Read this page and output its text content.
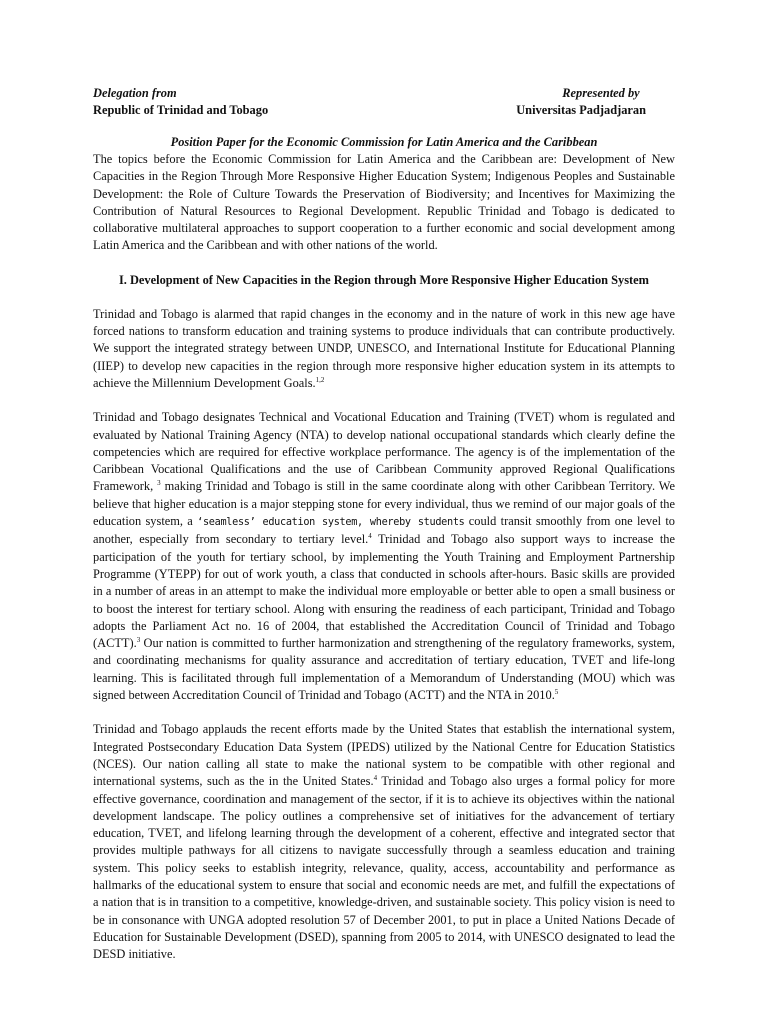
Delegation from
Republic of Trinidad and Tobago
Represented by
Universitas Padjadjaran
Position Paper for the Economic Commission for Latin America and the Caribbean

The topics before the Economic Commission for Latin America and the Caribbean are: Development of New Capacities in the Region Through More Responsive Higher Education System; Indigenous Peoples and Sustainable Development: the Role of Culture Towards the Preservation of Biodiversity; and Incentives for Maximizing the Contribution of Natural Resources to Regional Development. Republic Trinidad and Tobago is dedicated to collaborative multilateral approaches to support cooperation to a further economic and social development among Latin America and the Caribbean and with other nations of the world.

I. Development of New Capacities in the Region through More Responsive Higher Education System

Trinidad and Tobago is alarmed that rapid changes in the economy and in the nature of work in this new age have forced nations to transform education and training systems to produce individuals that can contribute productively. We support the integrated strategy between UNDP, UNESCO, and International Institute for Educational Planning (IIEP) to develop new capacities in the region through more responsive higher education system in its attempts to achieve the Millennium Development Goals.$^{1,2}$

Trinidad and Tobago designates Technical and Vocational Education and Training (TVET) whom is regulated and evaluated by National Training Agency (NTA) to develop national occupational standards which clearly define the competencies which are required for effective workplace performance. The agency is of the implementation of the Caribbean Vocational Qualifications and the use of Caribbean Community approved Regional Qualifications Framework, $^3$ making Trinidad and Tobago is still in the same coordinate along with other Caribbean Territory. We believe that higher education is a major stepping stone for every individual, thus we remind of our major goals of the education system, a ‘seamless’ education system, whereby students could transit smoothly from one level to another, especially from secondary to tertiary level.$^4$ Trinidad and Tobago also support ways to increase the participation of the youth for tertiary school, by implementing the Youth Training and Employment Partnership Programme (YTEPP) for out of work youth, a class that conducted in schools after-hours. Basic skills are provided in a number of areas in an attempt to make the individual more employable or better able to open a small business or to boost the interest for tertiary school. Along with ensuring the readiness of each participant, Trinidad and Tobago adopts the Parliament Act no. 16 of 2004, that established the Accreditation Council of Trinidad and Tobago (ACTT).$^3$ Our nation is committed to further harmonization and strengthening of the regulatory frameworks, system, and coordinating mechanisms for quality assurance and accreditation of tertiary education, TVET and life-long learning. This is facilitated through full implementation of a Memorandum of Understanding (MOU) which was signed between Accreditation Council of Trinidad and Tobago (ACTT) and the NTA in 2010.$^5$

Trinidad and Tobago applauds the recent efforts made by the United States that establish the international system, Integrated Postsecondary Education Data System (IPEDS) utilized by the National Centre for Education Statistics (NCES). Our nation calling all state to make the national system to be compatible with other regional and international systems, such as the in the United States.$^4$ Trinidad and Tobago also urges a formal policy for more effective governance, coordination and management of the sector, if it is to achieve its objectives within the national development landscape. The policy outlines a comprehensive set of initiatives for the advancement of tertiary education, TVET, and lifelong learning through the development of a coherent, effective and integrated sector that provides multiple pathways for all citizens to navigate successfully through a seamless education and training system. This policy seeks to establish integrity, relevance, quality, access, accountability and performance as hallmarks of the educational system to ensure that social and economic needs are met, and fulfill the expectations of a nation that is in transition to a competitive, knowledge-driven, and sustainable society. This policy vision is need to be in consonance with UNGA adopted resolution 57 of December 2001, to put in place a United Nations Decade of Education for Sustainable Development (DSED), spanning from 2005 to 2014, with UNESCO designated to lead the DESD initiative.
